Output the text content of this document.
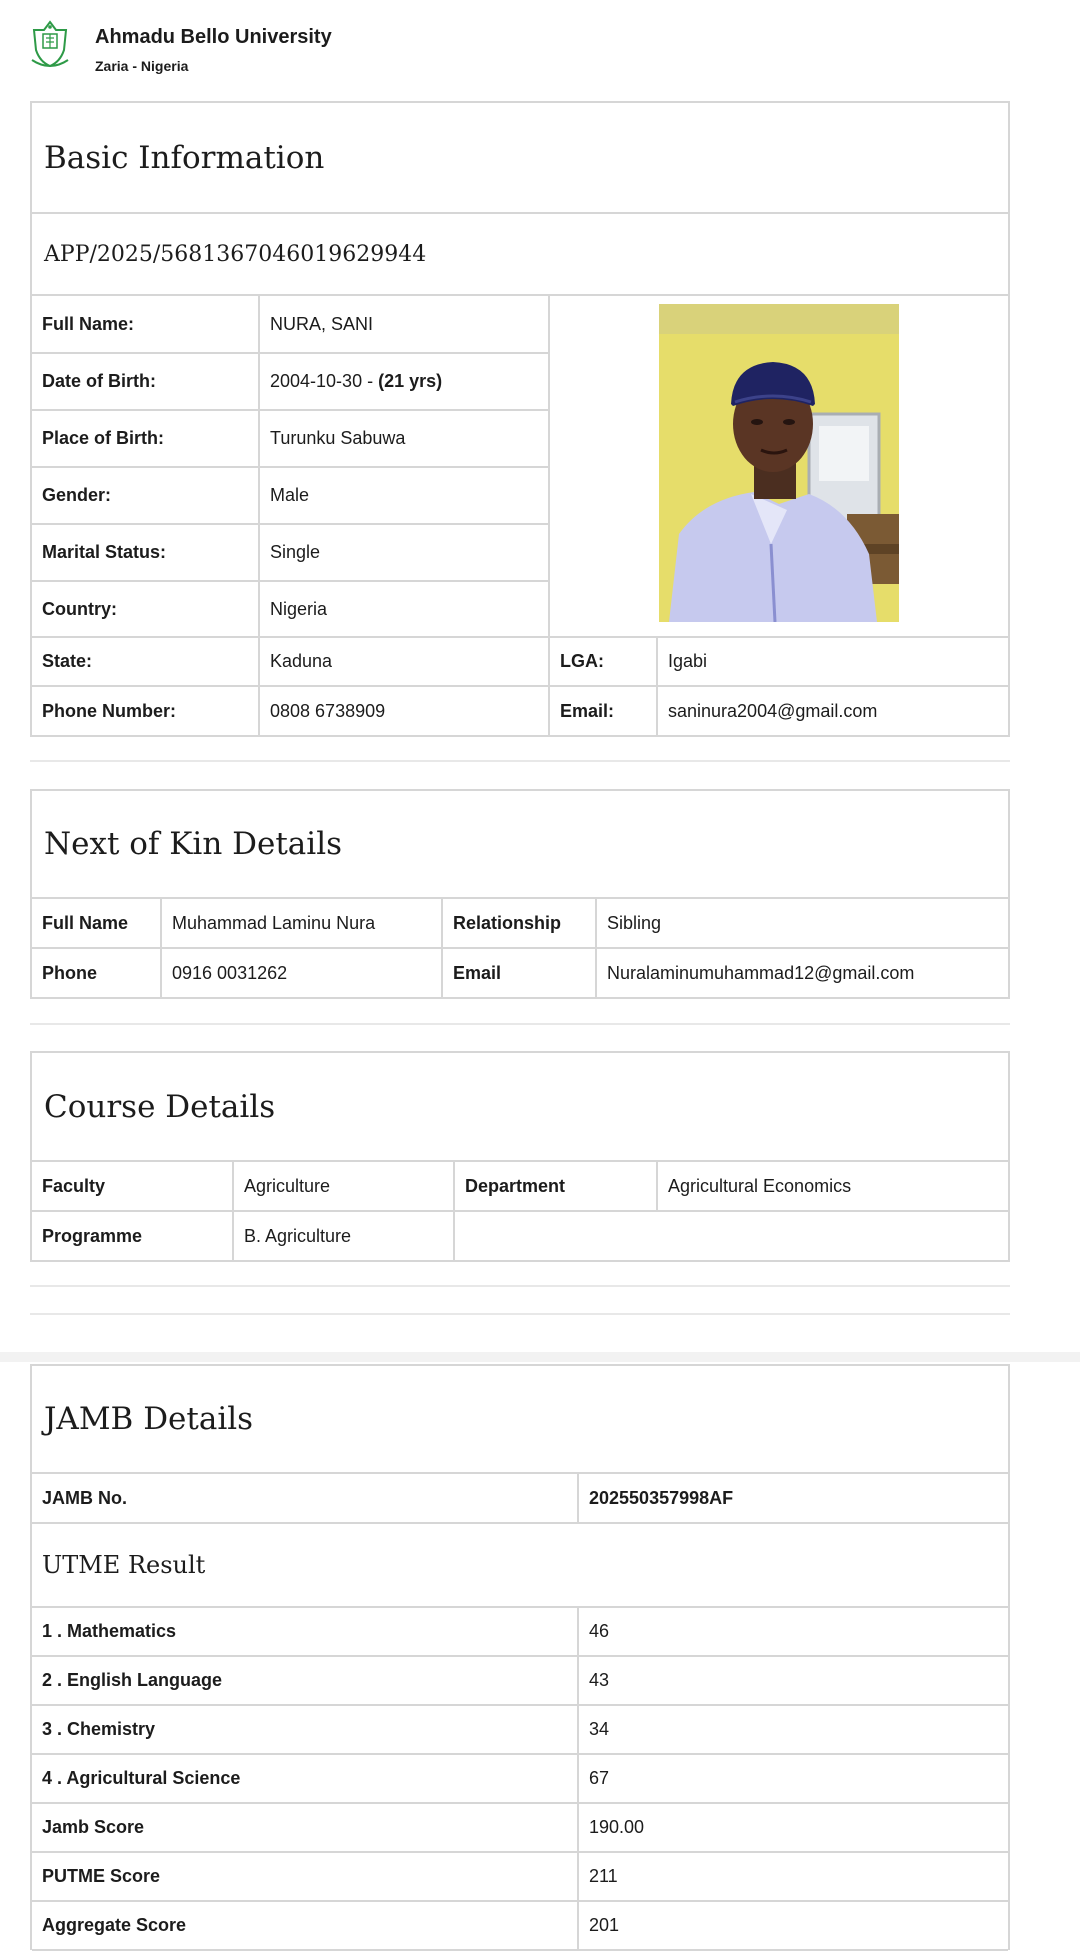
Ahmadu Bello University
Zaria - Nigeria
Basic Information
APP/2025/5681367046019629944
Full Name:	NURA, SANI	
Date of Birth:	2004-10-30 - (21 yrs)		
Place of Birth:	Turunku Sabuwa		
Gender:	Male		
Marital Status:	Single		
Country:	Nigeria		
State:	Kaduna	LGA:	Igabi
Phone Number:	0808 6738909	Email:	saninura2004@gmail.com
Next of Kin Details
Full Name	Muhammad Laminu Nura	Relationship	Sibling
Phone	0916 0031262	Email	Nuralaminumuhammad12@gmail.com
Course Details
Faculty	Agriculture	Department	Agricultural Economics
Programme	B. Agriculture		
JAMB Details
JAMB No.	202550357998AF
UTME Result	
1 . Mathematics	46
2 . English Language	43
3 . Chemistry	34
4 . Agricultural Science	67
Jamb Score	190.00
PUTME Score	211
Aggregate Score	201
